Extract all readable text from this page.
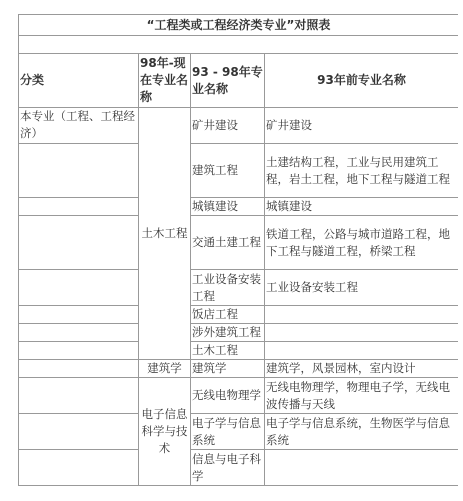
“工程类或工程经济类专业”对照表			

分类	98年-现在专业名称	93 - 98年专业名称	93年前专业名称
本专业（工程、工程经济）	土木工程	矿井建设	矿井建设
		建筑工程	土建结构工程，工业与民用建筑工程，岩土工程，地下工程与隧道工程
		城镇建设	城镇建设
		交通土建工程	铁道工程，公路与城市道路工程，地下工程与隧道工程，桥梁工程
		工业设备安装工程	工业设备安装工程
		饭店工程	
		涉外建筑工程	
		土木工程	
	建筑学	建筑学	建筑学，风景园林，室内设计
	电子信息科学与技术	无线电物理学	无线电物理学，物理电子学，无线电波传播与天线
		电子学与信息系统	电子学与信息系统，生物医学与信息系统
		信息与电子科学	
